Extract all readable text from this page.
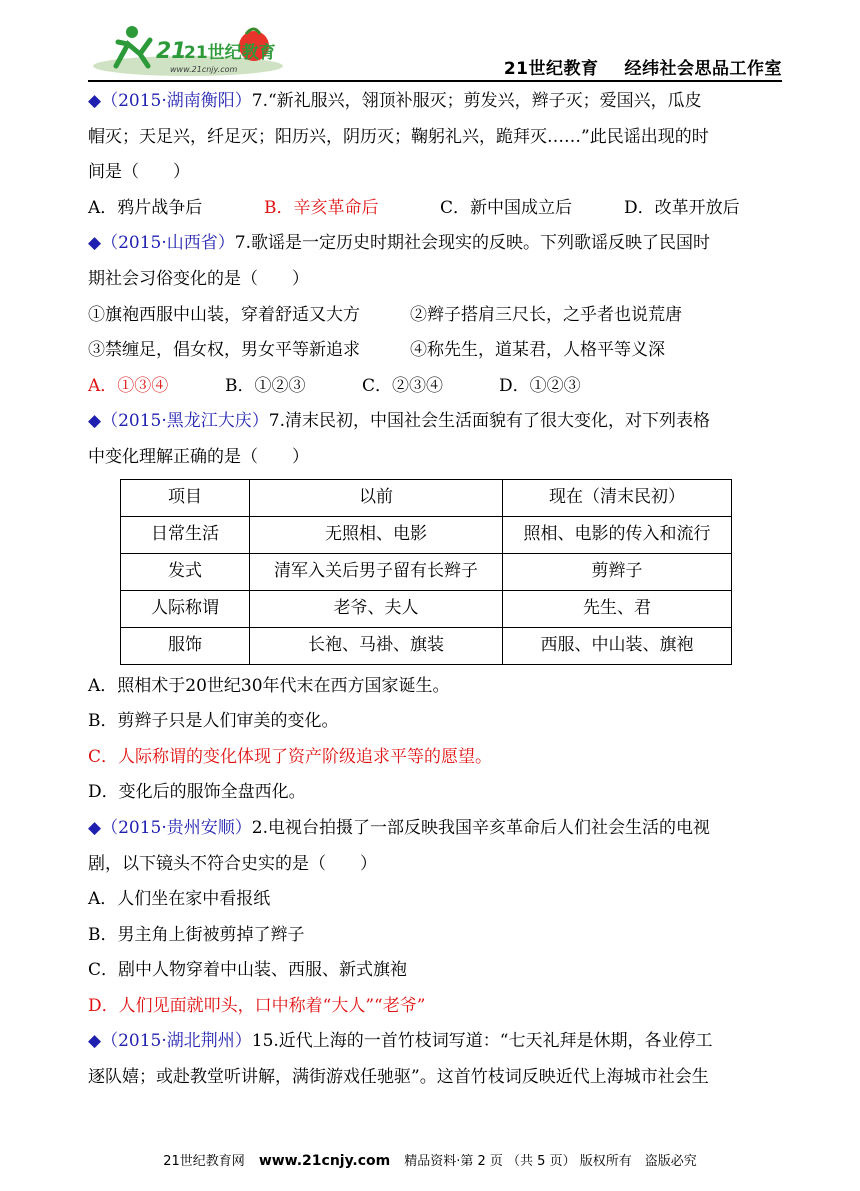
21
21世纪教育
www.21cnjy.com	21世纪教育 经纬社会思品工作室
◆（2015·湖南衡阳）7.“新礼服兴，翎顶补服灭；剪发兴，辫子灭；爱国兴，瓜皮
帽灭；天足兴，纤足灭；阳历兴，阴历灭；鞠躬礼兴，跪拜灭……”此民谣出现的时
间是（　　）
A．鸦片战争后	B．辛亥革命后	C．新中国成立后	D．改革开放后
◆（2015·山西省）7.歌谣是一定历史时期社会现实的反映。下列歌谣反映了民国时
期社会习俗变化的是（　　）
①旗袍西服中山装，穿着舒适又大方	②辫子搭肩三尺长，之乎者也说荒唐
③禁缠足，倡女权，男女平等新追求	④称先生，道某君，人格平等义深
A．①③④	B．①②③	C．②③④	D．①②③
◆（2015·黑龙江大庆）7.清末民初，中国社会生活面貌有了很大变化，对下列表格
中变化理解正确的是（　　）
项目	以前	现在（清末民初）
日常生活	无照相、电影	照相、电影的传入和流行
发式	清军入关后男子留有长辫子	剪辫子
人际称谓	老爷、夫人	先生、君
服饰	长袍、马褂、旗装	西服、中山装、旗袍
A．照相术于20世纪30年代末在西方国家诞生。
B．剪辫子只是人们审美的变化。
C．人际称谓的变化体现了资产阶级追求平等的愿望。
D．变化后的服饰全盘西化。
◆（2015·贵州安顺）2.电视台拍摄了一部反映我国辛亥革命后人们社会生活的电视
剧，以下镜头不符合史实的是（　　）
A．人们坐在家中看报纸
B．男主角上街被剪掉了辫子
C．剧中人物穿着中山装、西服、新式旗袍
D．人们见面就叩头，口中称着“大人”“老爷”
◆（2015·湖北荆州）15.近代上海的一首竹枝词写道：“七天礼拜是休期，各业停工
逐队嬉；或赴教堂听讲解，满街游戏任驰驱”。这首竹枝词反映近代上海城市社会生
21世纪教育网 www.21cnjy.com 精品资料·第 2 页 （共 5 页） 版权所有　盗版必究
